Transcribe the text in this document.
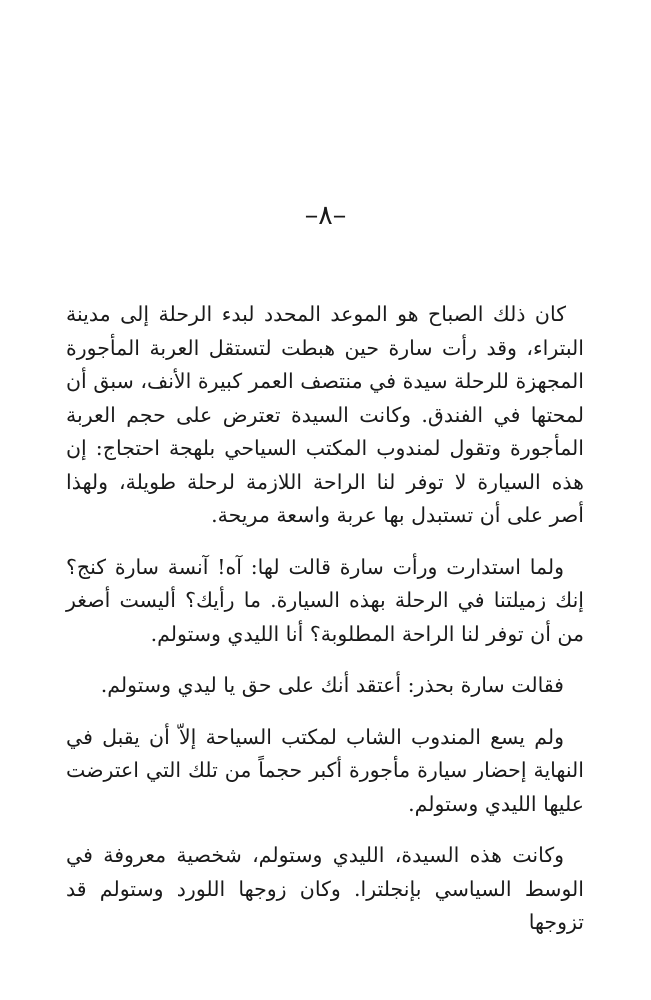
–٨–

كان ذلك الصباح هو الموعد المحدد لبدء الرحلة إلى مدينة البتراء، وقد رأت سارة حين هبطت لتستقل العربة المأجورة المجهزة للرحلة سيدة في منتصف العمر كبيرة الأنف، سبق أن لمحتها في الفندق. وكانت السيدة تعترض على حجم العربة المأجورة وتقول لمندوب المكتب السياحي بلهجة احتجاج: إن هذه السيارة لا توفر لنا الراحة اللازمة لرحلة طويلة، ولهذا أصر على أن تستبدل بها عربة واسعة مريحة.

ولما استدارت ورأت سارة قالت لها: آه! آنسة سارة كنج؟ إنك زميلتنا في الرحلة بهذه السيارة. ما رأيك؟ أليست أصغر من أن توفر لنا الراحة المطلوبة؟ أنا الليدي وستولم.

فقالت سارة بحذر: أعتقد أنك على حق يا ليدي وستولم.

ولم يسع المندوب الشاب لمكتب السياحة إلاّ أن يقبل في النهاية إحضار سيارة مأجورة أكبر حجماً من تلك التي اعترضت عليها الليدي وستولم.

وكانت هذه السيدة، الليدي وستولم، شخصية معروفة في الوسط السياسي بإنجلترا. وكان زوجها اللورد وستولم قد تزوجها
